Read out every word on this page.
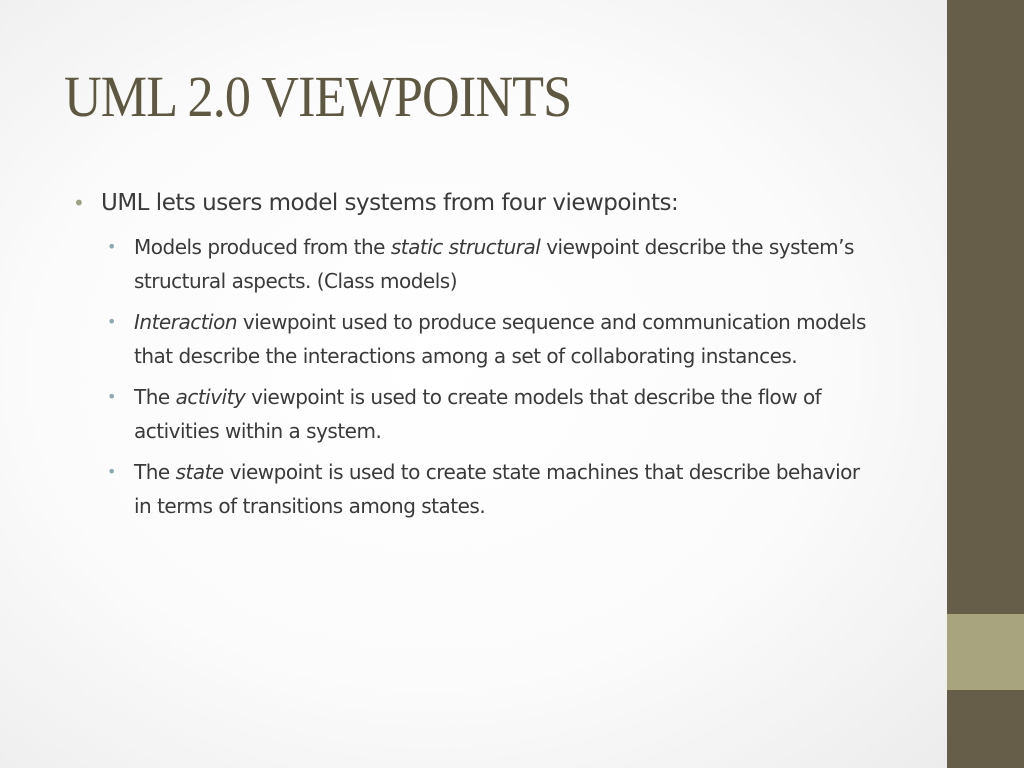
UML 2.0 VIEWPOINTS
• UML lets users model systems from four viewpoints:
• Models produced from the static structural viewpoint describe the system’s structural aspects. (Class models)
• Interaction viewpoint used to produce sequence and communication models that describe the interactions among a set of collaborating instances.
• The activity viewpoint is used to create models that describe the flow of activities within a system.
• The state viewpoint is used to create state machines that describe behavior in terms of transitions among states.
